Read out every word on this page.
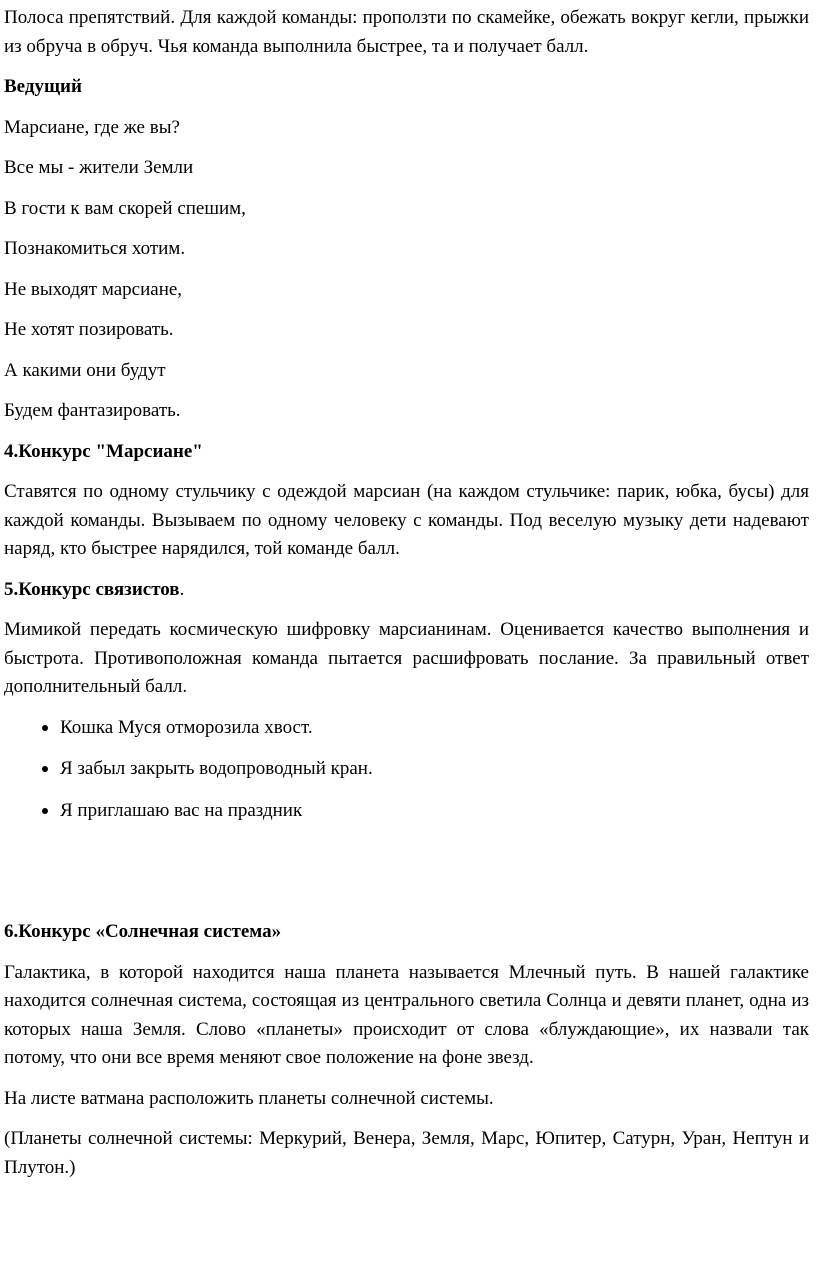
Полоса препятствий. Для каждой команды: проползти по скамейке, обежать вокруг кегли, прыжки из обруча в обруч. Чья команда выполнила быстрее, та и получает балл.

Ведущий

Марсиане, где же вы?

Все мы - жители Земли

В гости к вам скорей спешим,

Познакомиться хотим.

Не выходят марсиане,

Не хотят позировать.

А какими они будут

Будем фантазировать.

4.Конкурс "Марсиане"

Ставятся по одному стульчику с одеждой марсиан (на каждом стульчике: парик, юбка, бусы) для каждой команды. Вызываем по одному человеку с команды. Под веселую музыку дети надевают наряд, кто быстрее нарядился, той команде балл.

5.Конкурс связистов.

Мимикой передать космическую шифровку марсианинам. Оценивается качество выполнения и быстрота. Противоположная команда пытается расшифровать послание. За правильный ответ дополнительный балл.

Кошка Муся отморозила хвост.
Я забыл закрыть водопроводный кран.
Я приглашаю вас на праздник

6.Конкурс «Солнечная система»

Галактика, в которой находится наша планета называется Млечный путь. В нашей галактике находится солнечная система, состоящая из центрального светила Солнца и девяти планет, одна из которых наша Земля. Слово «планеты» происходит от слова «блуждающие», их назвали так потому, что они все время меняют свое положение на фоне звезд.

На листе ватмана расположить планеты солнечной системы.

(Планеты солнечной системы: Меркурий, Венера, Земля, Марс, Юпитер, Сатурн, Уран, Нептун и Плутон.)
